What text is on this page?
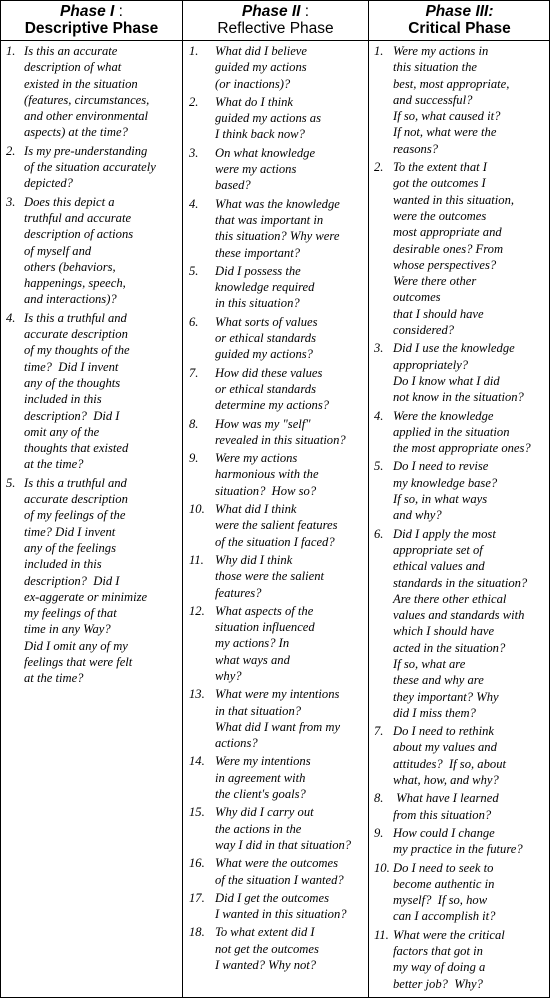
Phase I :
Descriptive Phase
1. Is this an accurate
description of what
existed in the situation
(features, circumstances,
and other environmental
aspects) at the time?
2. Is my pre-understanding
of the situation accurately
depicted?
3. Does this depict a
truthful and accurate
description of actions
of myself and
others (behaviors,
happenings, speech,
and interactions)?
4. Is this a truthful and
accurate description
of my thoughts of the
time?  Did I invent
any of the thoughts
included in this
description?  Did I
omit any of the
thoughts that existed
at the time?
5. Is this a truthful and
accurate description
of my feelings of the
time? Did I invent
any of the feelings
included in this
description?  Did I
ex-aggerate or minimize
my feelings of that
time in any Way?
Did I omit any of my
feelings that were felt
at the time?
Phase II :
Reflective Phase
1.	What did I believe
guided my actions
(or inactions)?
2.	What do I think
guided my actions as
I think back now?
3.	On what knowledge
were my actions
based?
4.	What was the knowledge
that was important in
this situation? Why were
these important?
5.	Did I possess the
knowledge required
in this situation?
6.	What sorts of values
or ethical standards
guided my actions?
7.	How did these values
or ethical standards
determine my actions?
8.	How was my "self"
revealed in this situation?
9.	Were my actions
harmonious with the
situation?  How so?
10. What did I think
were the salient features
of the situation I faced?
11. Why did I think
those were the salient
features?
12. What aspects of the
situation influenced
my actions? In
what ways and
why?
13. What were my intentions
in that situation?
What did I want from my
actions?
14. Were my intentions
in agreement with
the client's goals?
15. Why did I carry out
the actions in the
way I did in that situation?
16. What were the outcomes
of the situation I wanted?
17. Did I get the outcomes
I wanted in this situation?
18. To what extent did I
not get the outcomes
I wanted? Why not?
Phase III:
Critical Phase
1. Were my actions in
this situation the
best, most appropriate,
and successful?
If so, what caused it?
If not, what were the
reasons?
2. To the extent that I
got the outcomes I
wanted in this situation,
were the outcomes
most appropriate and
desirable ones? From
whose perspectives?
Were there other
outcomes
that I should have
considered?
3. Did I use the knowledge
appropriately?
Do I know what I did
not know in the situation?
4. Were the knowledge
applied in the situation
the most appropriate ones?
5. Do I need to revise
my knowledge base?
If so, in what ways
and why?
6. Did I apply the most
appropriate set of
ethical values and
standards in the situation?
Are there other ethical
values and standards with
which I should have
acted in the situation?
If so, what are
these and why are
they important? Why
did I miss them?
7. Do I need to rethink
about my values and
attitudes?  If so, about
what, how, and why?
8.	What have I learned
from this situation?
9. How could I change
my practice in the future?
10. Do I need to seek to
become authentic in
myself?  If so, how
can I accomplish it?
11. What were the critical
factors that got in
my way of doing a
better job?  Why?
